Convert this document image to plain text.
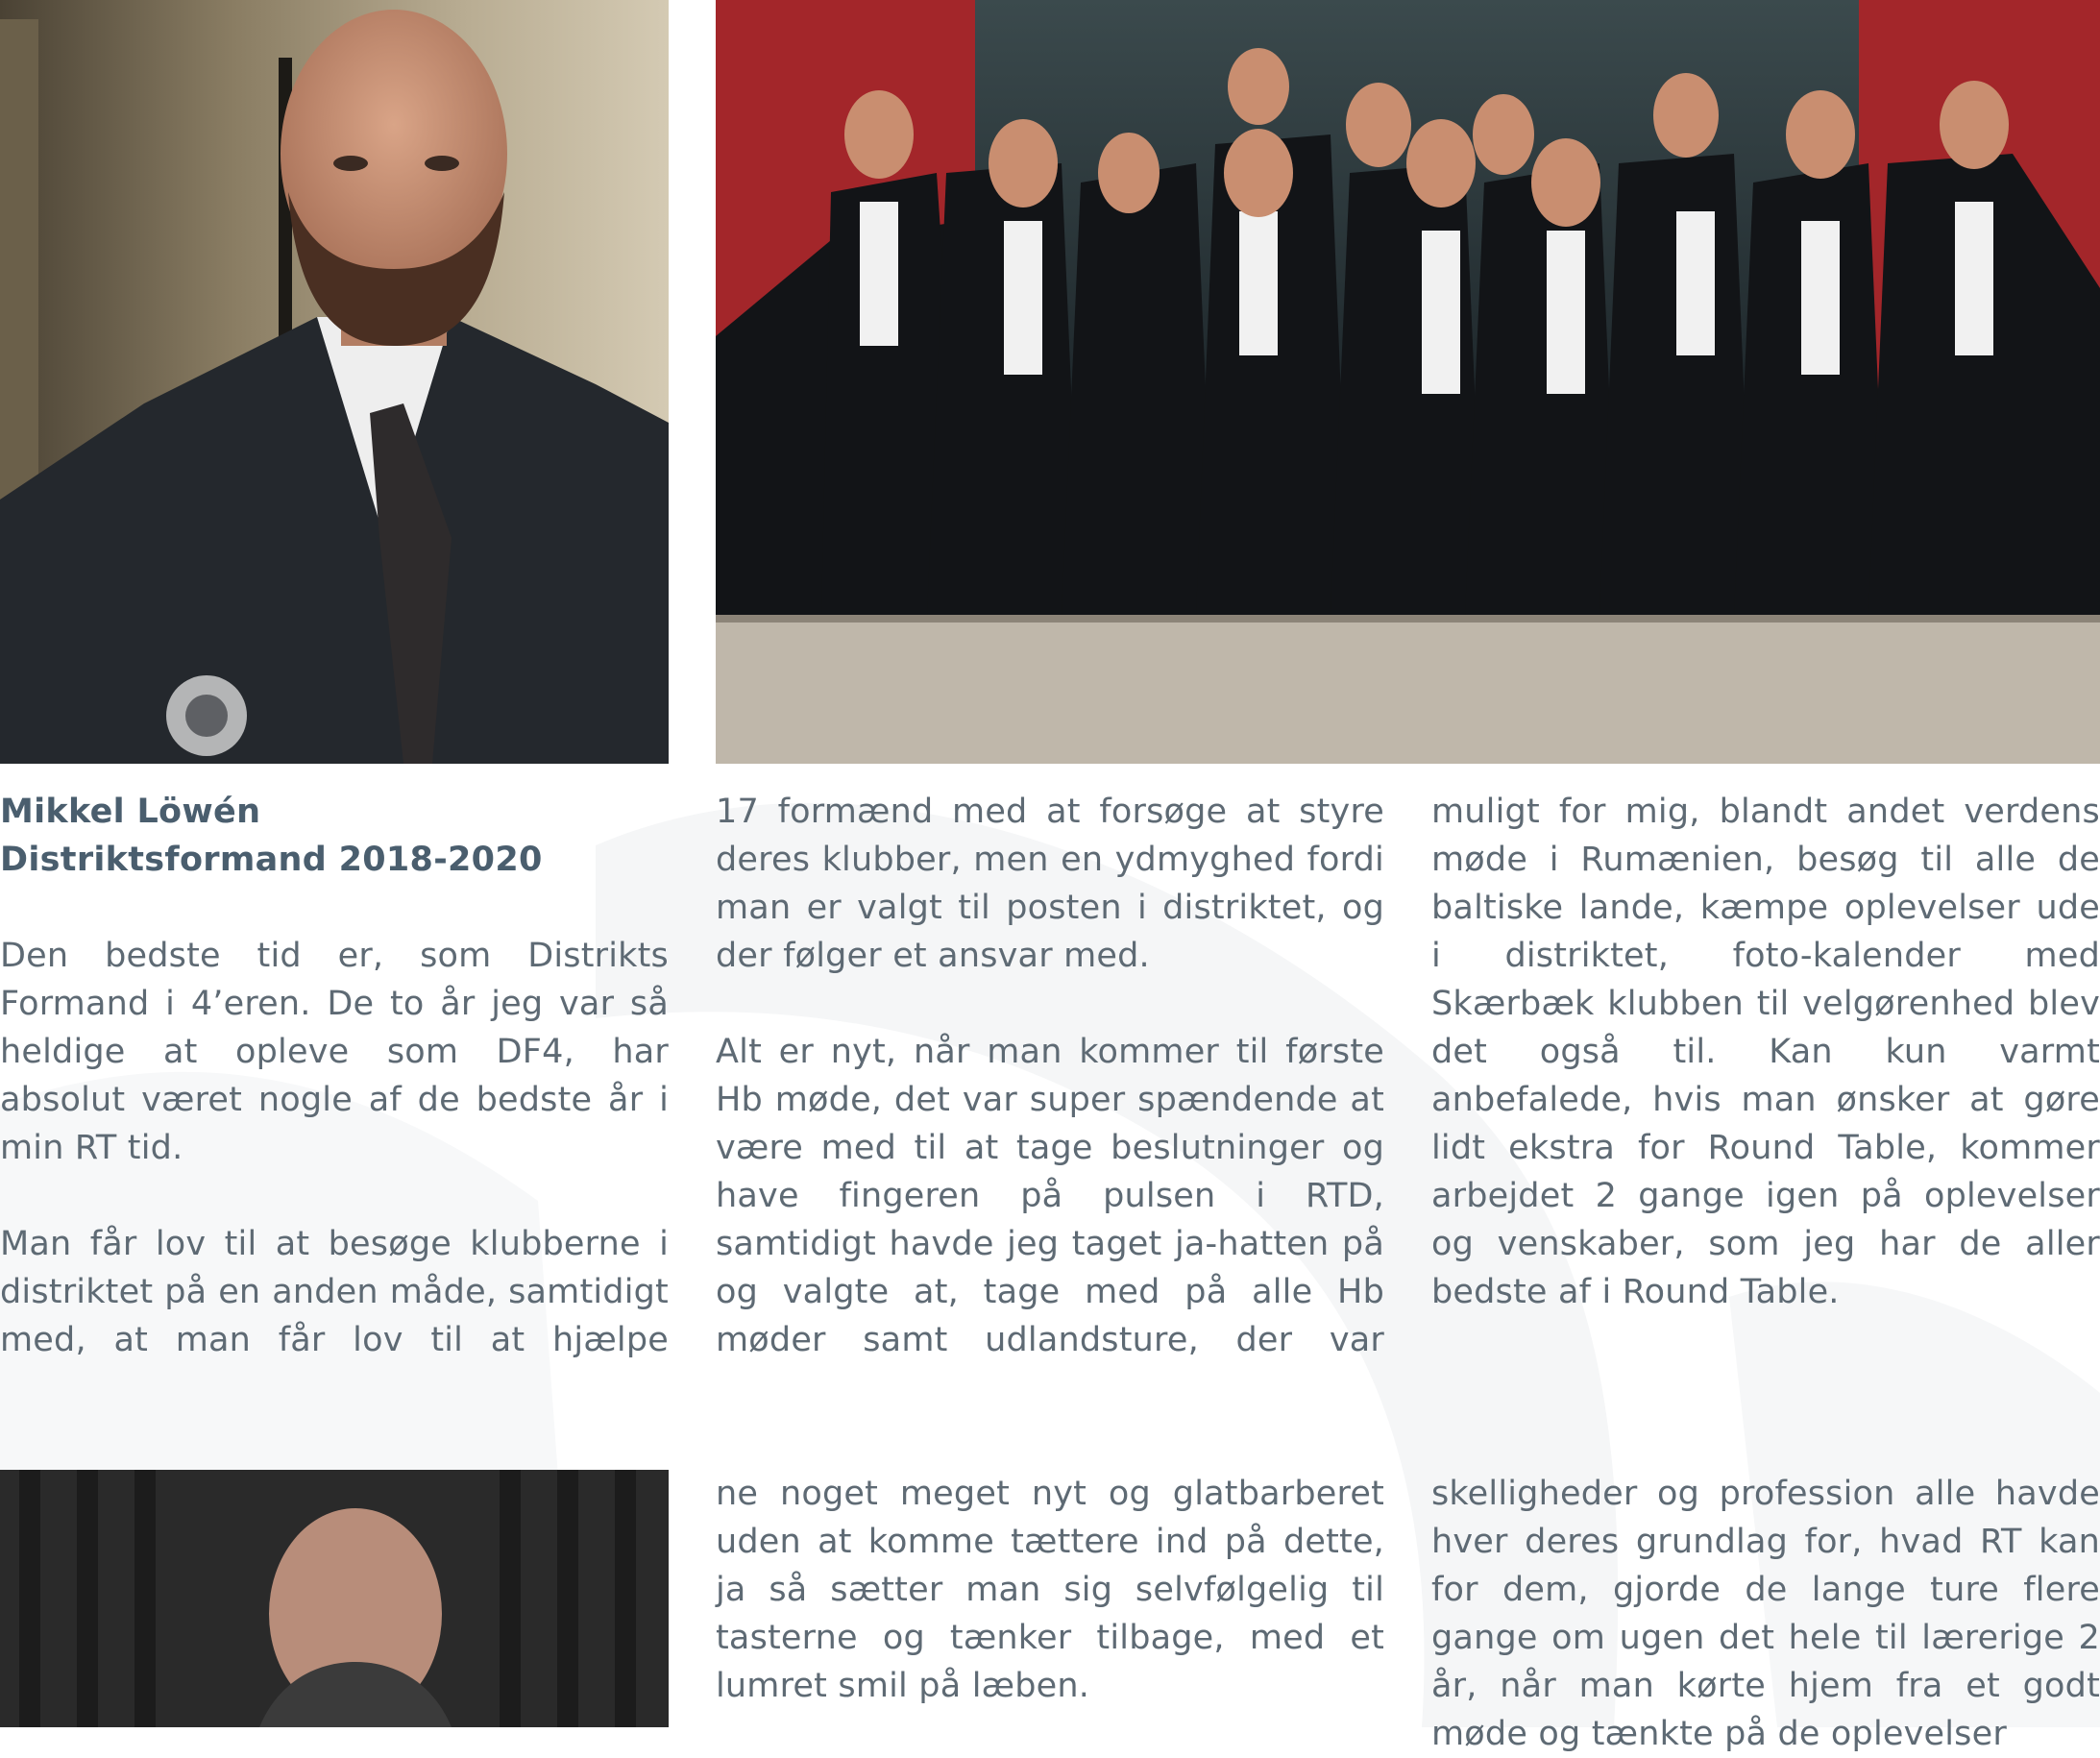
Mikkel Löwén
Distriktsformand 2018-2020

Den bedste tid er, som Distrikts Formand i 4’eren. De to år jeg var så heldige at opleve som DF4, har absolut været nogle af de bedste år i min RT tid.

Man får lov til at besøge klubberne i distriktet på en anden måde, samtidigt med, at man får lov til at hjælpe

17 formænd med at forsøge at styre deres klubber, men en ydmyghed fordi man er valgt til posten i distriktet, og der følger et ansvar med.

Alt er nyt, når man kommer til første Hb møde, det var super spændende at være med til at tage beslutninger og have fingeren på pulsen i RTD, samtidigt havde jeg taget ja-hatten på og valgte at, tage med på alle Hb møder samt udlandsture, der var

muligt for mig, blandt andet verdens møde i Rumænien, besøg til alle de baltiske lande, kæmpe oplevelser ude i distriktet, foto-kalender med Skærbæk klubben til velgørenhed blev det også til. Kan kun varmt anbefalede, hvis man ønsker at gøre lidt ekstra for Round Table, kommer arbejdet 2 gange igen på oplevelser og venskaber, som jeg har de aller bedste af i Round Table.

ne noget meget nyt og glatbarberet uden at komme tættere ind på dette, ja så sætter man sig selvfølgelig til tasterne og tænker tilbage, med et lumret smil på læben.

skelligheder og profession alle havde hver deres grundlag for, hvad RT kan for dem, gjorde de lange ture flere gange om ugen det hele til lærerige 2 år, når man kørte hjem fra et godt møde og tænkte på de oplevelser
